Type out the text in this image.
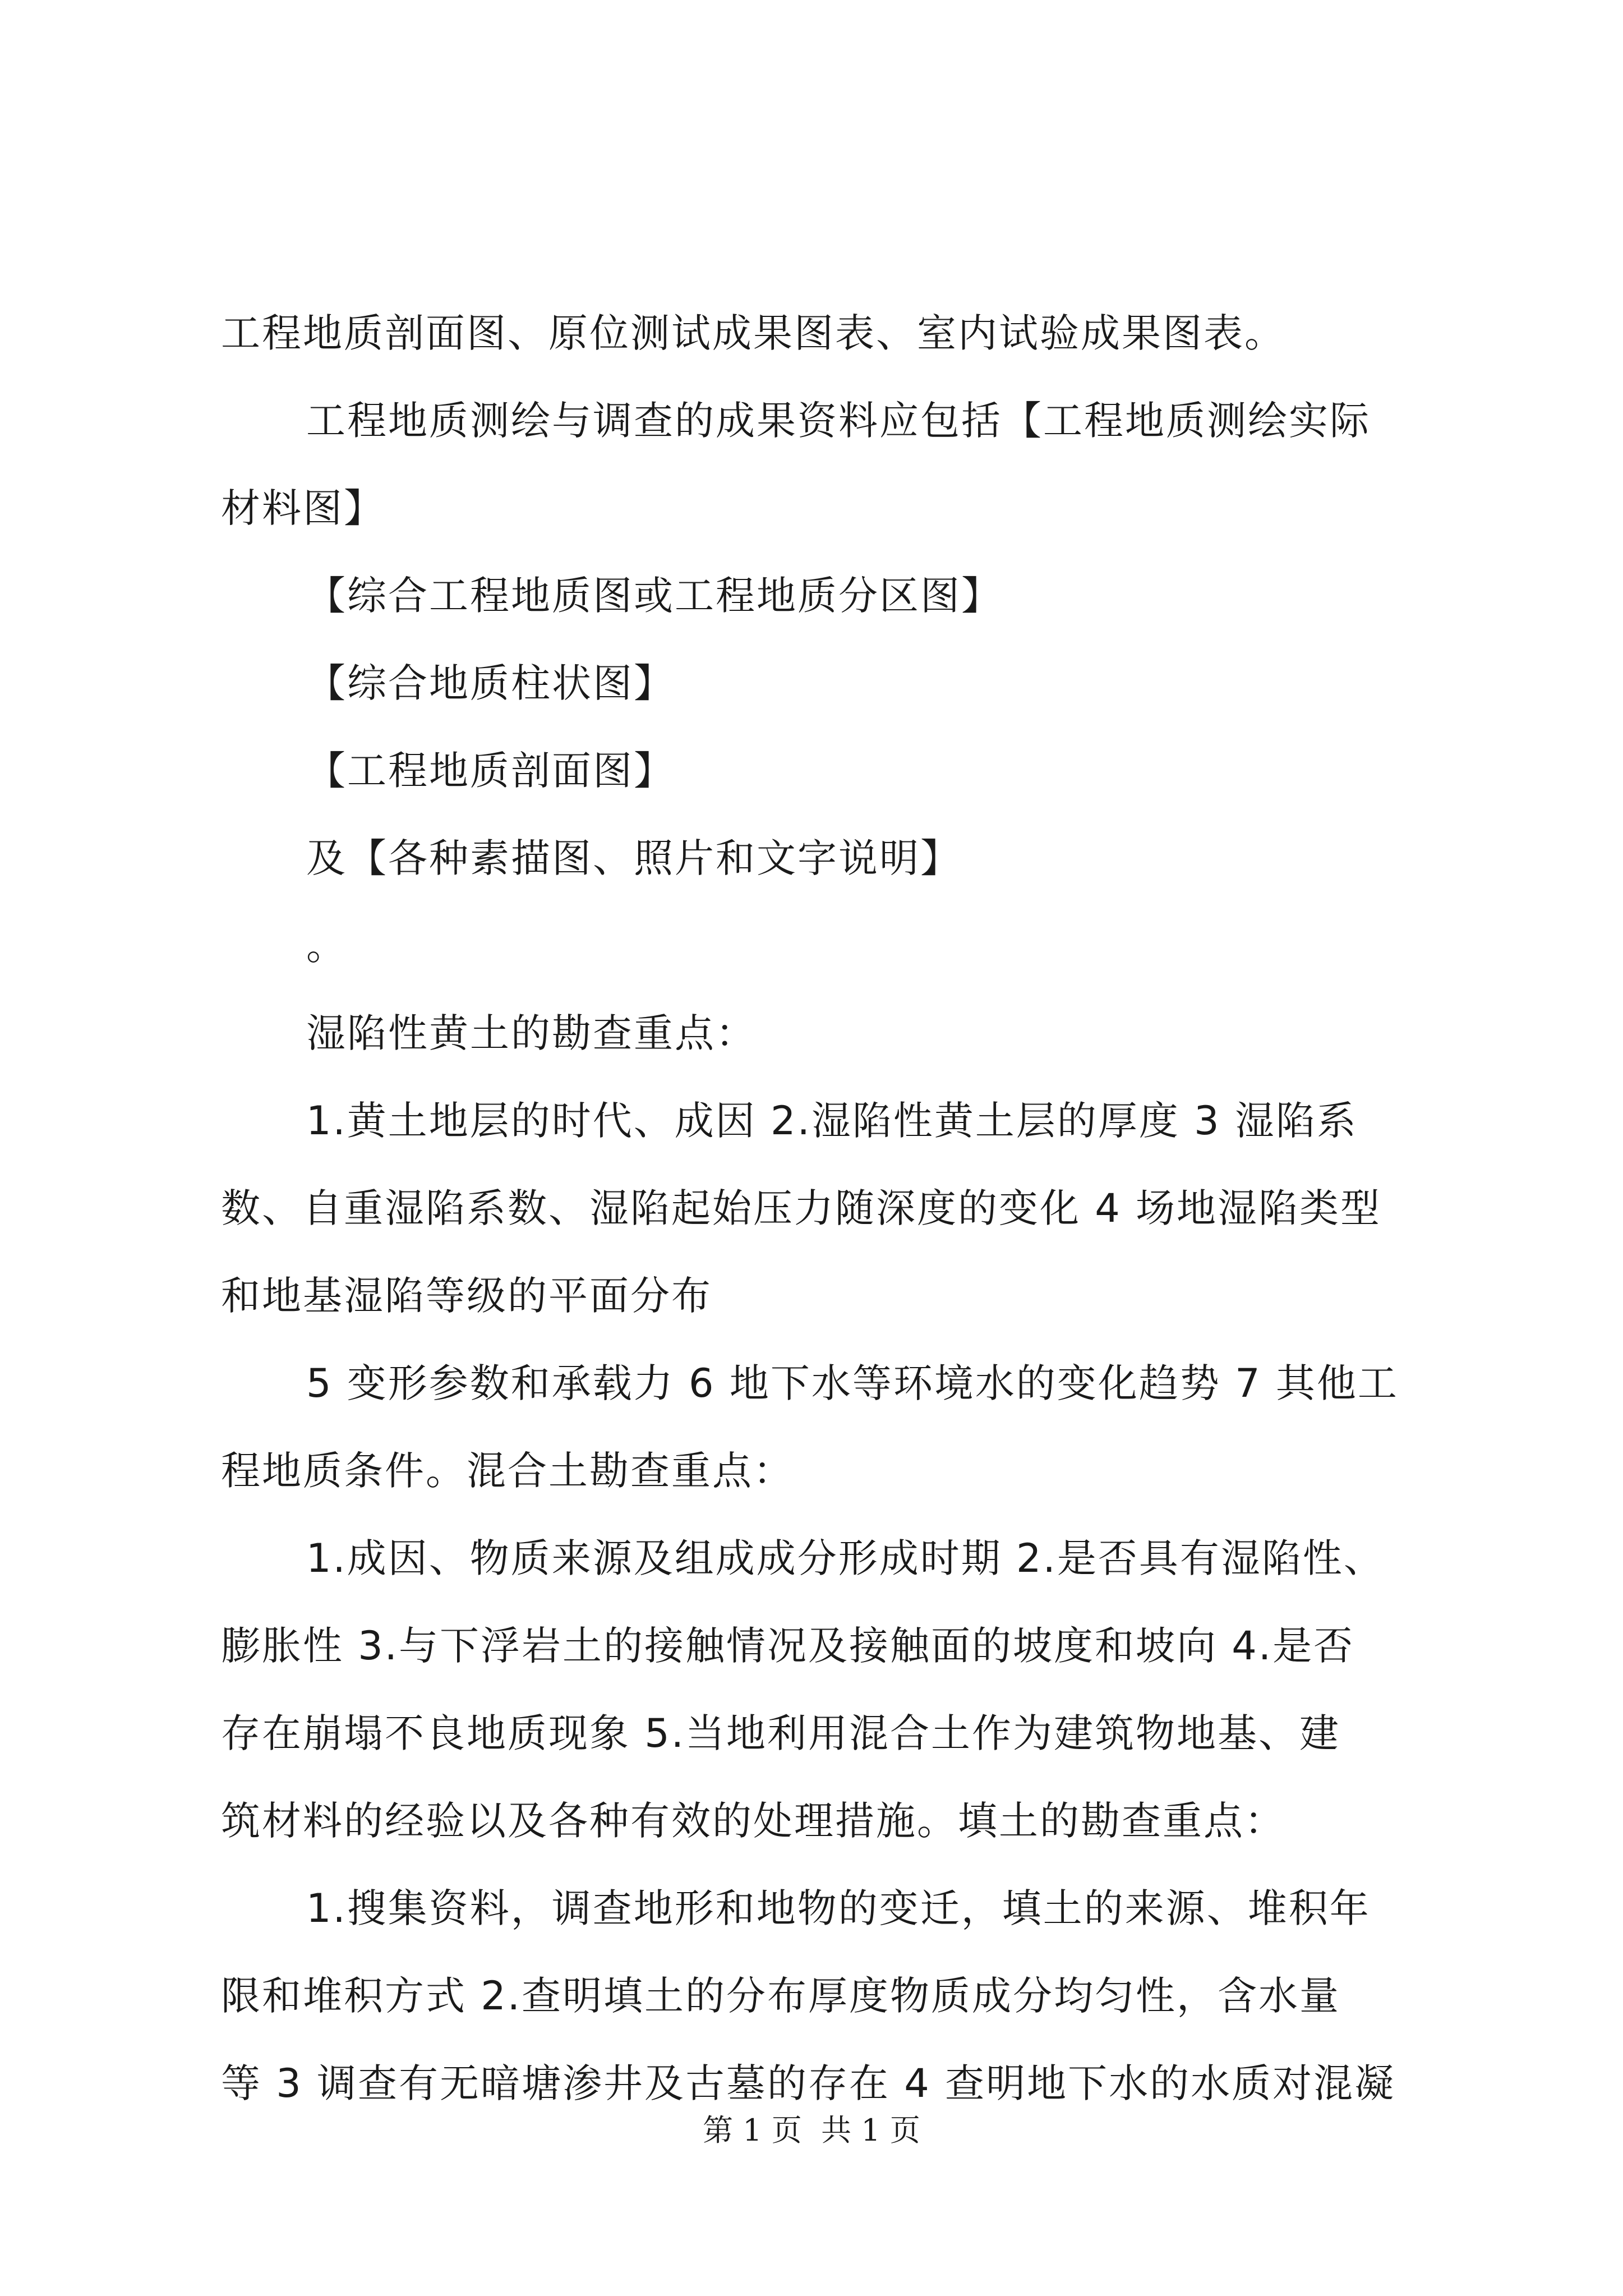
工程地质剖面图、原位测试成果图表、室内试验成果图表。
工程地质测绘与调查的成果资料应包括【工程地质测绘实际
材料图】
【综合工程地质图或工程地质分区图】
【综合地质柱状图】
【工程地质剖面图】
及【各种素描图、照片和文字说明】
。
湿陷性黄土的勘查重点：
1.黄土地层的时代、成因 2.湿陷性黄土层的厚度 3 湿陷系
数、自重湿陷系数、湿陷起始压力随深度的变化 4 场地湿陷类型
和地基湿陷等级的平面分布
5 变形参数和承载力 6 地下水等环境水的变化趋势 7 其他工
程地质条件。混合土勘查重点：
1.成因、物质来源及组成成分形成时期 2.是否具有湿陷性、
膨胀性 3.与下浮岩土的接触情况及接触面的坡度和坡向 4.是否
存在崩塌不良地质现象 5.当地利用混合土作为建筑物地基、建
筑材料的经验以及各种有效的处理措施。填土的勘查重点：
1.搜集资料，调查地形和地物的变迁，填土的来源、堆积年
限和堆积方式 2.查明填土的分布厚度物质成分均匀性，含水量
等 3 调查有无暗塘渗井及古墓的存在 4 查明地下水的水质对混凝
第 1 页  共 1 页
